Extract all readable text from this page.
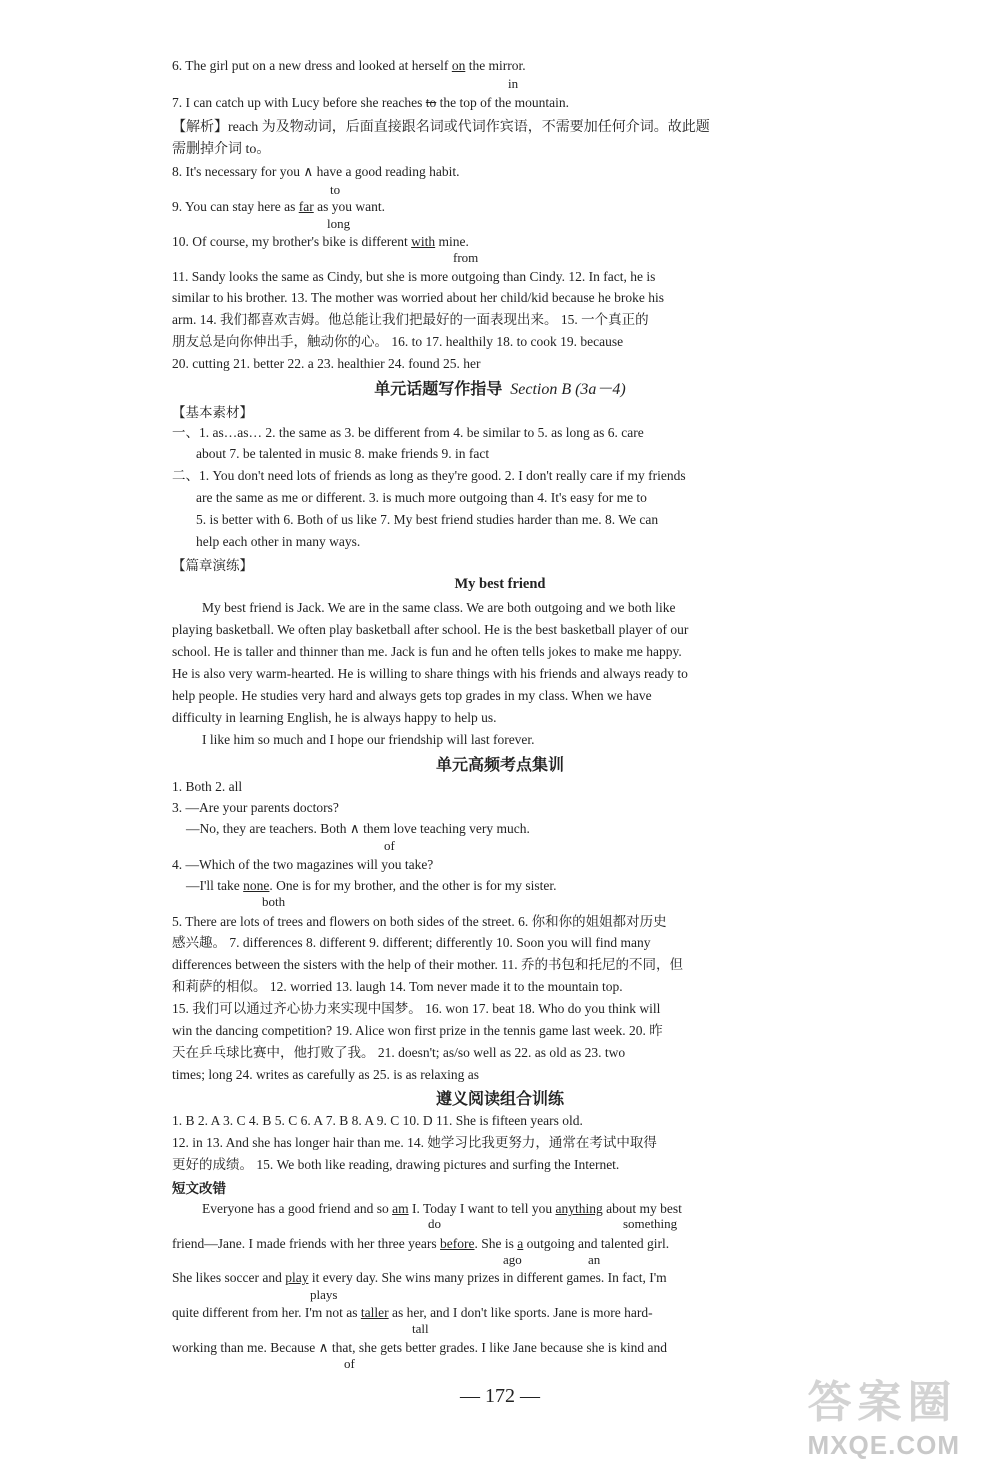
6. The girl put on a new dress and looked at herself on the mirror.
in
7. I can catch up with Lucy before she reaches to the top of the mountain.
【解析】reach 为及物动词，后面直接跟名词或代词作宾语，不需要加任何介词。故此题
需删掉介词 to。
8. It's necessary for you ∧ have a good reading habit.
to
9. You can stay here as far as you want.
long
10. Of course, my brother's bike is different with mine.
from
11. Sandy looks the same as Cindy, but she is more outgoing than Cindy. 12. In fact, he is
similar to his brother. 13. The mother was worried about her child/kid because he broke his
arm. 14. 我们都喜欢吉姆。他总能让我们把最好的一面表现出来。 15. 一个真正的
朋友总是向你伸出手，触动你的心。 16. to 17. healthily 18. to cook 19. because
20. cutting 21. better 22. a 23. healthier 24. found 25. her
单元话题写作指导 Section B (3a－4)
【基本素材】
一、1. as…as… 2. the same as 3. be different from 4. be similar to 5. as long as 6. care
about 7. be talented in music 8. make friends 9. in fact
二、1. You don't need lots of friends as long as they're good. 2. I don't really care if my friends
are the same as me or different. 3. is much more outgoing than 4. It's easy for me to
5. is better with 6. Both of us like 7. My best friend studies harder than me. 8. We can
help each other in many ways.
【篇章演练】
My best friend
My best friend is Jack. We are in the same class. We are both outgoing and we both like
playing basketball. We often play basketball after school. He is the best basketball player of our
school. He is taller and thinner than me. Jack is fun and he often tells jokes to make me happy.
He is also very warm-hearted. He is willing to share things with his friends and always ready to
help people. He studies very hard and always gets top grades in my class. When we have
difficulty in learning English, he is always happy to help us.
I like him so much and I hope our friendship will last forever.
单元高频考点集训
1. Both 2. all
3. —Are your parents doctors?
—No, they are teachers. Both ∧ them love teaching very much.
of
4. —Which of the two magazines will you take?
—I'll take none. One is for my brother, and the other is for my sister.
both
5. There are lots of trees and flowers on both sides of the street. 6. 你和你的姐姐都对历史
感兴趣。 7. differences 8. different 9. different; differently 10. Soon you will find many
differences between the sisters with the help of their mother. 11. 乔的书包和托尼的不同，但
和莉萨的相似。 12. worried 13. laugh 14. Tom never made it to the mountain top.
15. 我们可以通过齐心协力来实现中国梦。 16. won 17. beat 18. Who do you think will
win the dancing competition? 19. Alice won first prize in the tennis game last week. 20. 昨
天在乒乓球比赛中，他打败了我。 21. doesn't; as/so well as 22. as old as 23. two
times; long 24. writes as carefully as 25. is as relaxing as
遵义阅读组合训练
1. B 2. A 3. C 4. B 5. C 6. A 7. B 8. A 9. C 10. D 11. She is fifteen years old.
12. in 13. And she has longer hair than me. 14. 她学习比我更努力，通常在考试中取得
更好的成绩。 15. We both like reading, drawing pictures and surfing the Internet.
短文改错
Everyone has a good friend and so am I. Today I want to tell you anything about my best
do	something
friend—Jane. I made friends with her three years before. She is a outgoing and talented girl.
ago	an
She likes soccer and play it every day. She wins many prizes in different games. In fact, I'm
plays
quite different from her. I'm not as taller as her, and I don't like sports. Jane is more hard-
tall
working than me. Because ∧ that, she gets better grades. I like Jane because she is kind and
of
— 172 —	答案圈
MXQE.COM
